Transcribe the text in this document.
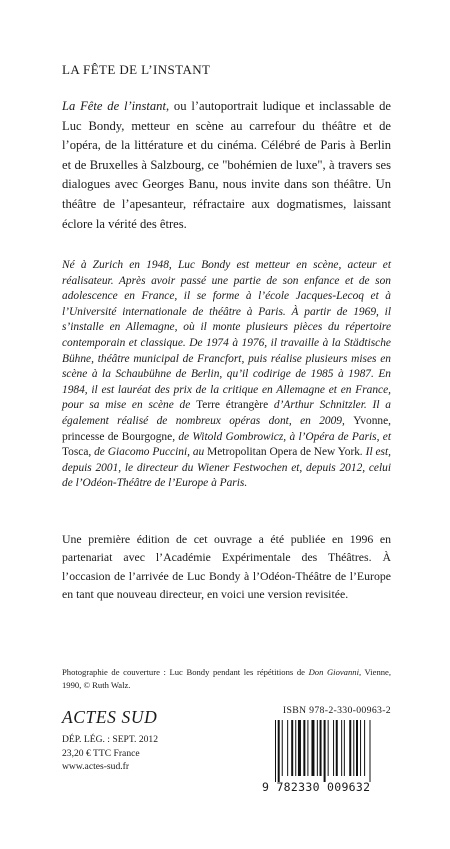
LA FÊTE DE L’INSTANT
La Fête de l’instant, ou l’autoportrait ludique et inclassable de Luc Bondy, metteur en scène au carrefour du théâtre et de l’opéra, de la littérature et du cinéma. Célébré de Paris à Berlin et de Bruxelles à Salzbourg, ce "bohémien de luxe", à travers ses dialogues avec Georges Banu, nous invite dans son théâtre. Un théâtre de l’apesanteur, réfractaire aux dogmatismes, laissant éclore la vérité des êtres.
Né à Zurich en 1948, Luc Bondy est metteur en scène, acteur et réalisateur. Après avoir passé une partie de son enfance et de son adolescence en France, il se forme à l’école Jacques-Lecoq et à l’Université internationale de théâtre à Paris. À partir de 1969, il s’installe en Allemagne, où il monte plusieurs pièces du répertoire contemporain et classique. De 1974 à 1976, il travaille à la Städtische Bühne, théâtre municipal de Francfort, puis réalise plusieurs mises en scène à la Schaubühne de Berlin, qu’il codirige de 1985 à 1987. En 1984, il est lauréat des prix de la critique en Allemagne et en France, pour sa mise en scène de Terre étrangère d’Arthur Schnitzler. Il a également réalisé de nombreux opéras dont, en 2009, Yvonne, princesse de Bourgogne, de Witold Gombrowicz, à l’Opéra de Paris, et Tosca, de Giacomo Puccini, au Metropolitan Opera de New York. Il est, depuis 2001, le directeur du Wiener Festwochen et, depuis 2012, celui de l’Odéon-Théâtre de l’Europe à Paris.
Une première édition de cet ouvrage a été publiée en 1996 en partenariat avec l’Académie Expérimentale des Théâtres. À l’occasion de l’arrivée de Luc Bondy à l’Odéon-Théâtre de l’Europe en tant que nouveau directeur, en voici une version revisitée.
Photographie de couverture : Luc Bondy pendant les répétitions de Don Giovanni, Vienne, 1990, © Ruth Walz.
ISBN 978-2-330-00963-2
9 782330 009632
ACTES SUD
DÉP. LÉG. : SEPT. 2012
23,20 € TTC France
www.actes-sud.fr
